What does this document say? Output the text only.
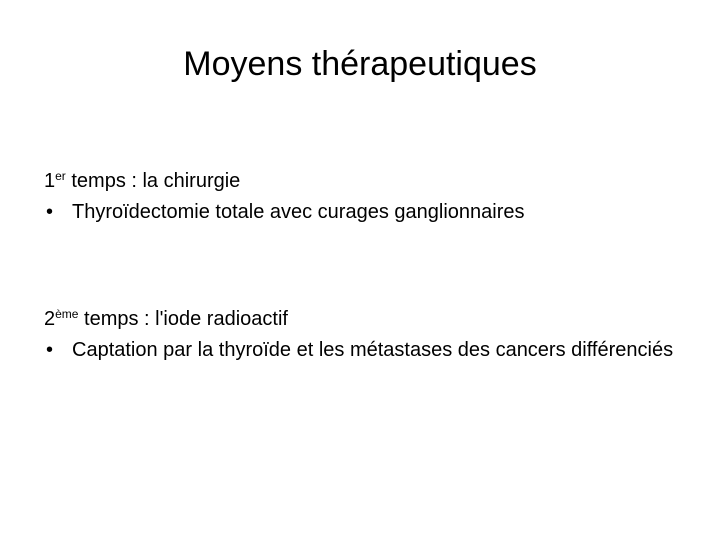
Moyens thérapeutiques
1er temps : la chirurgie
• Thyroïdectomie totale avec curages ganglionnaires
2ème temps : l'iode radioactif
• Captation par la thyroïde et les métastases des cancers différenciés
